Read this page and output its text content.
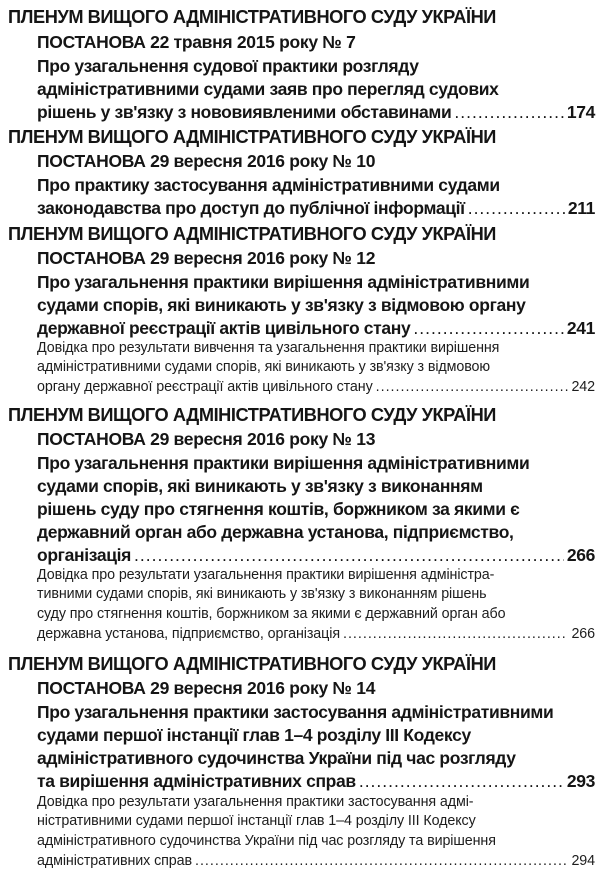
ПЛЕНУМ ВИЩОГО АДМІНІСТРАТИВНОГО СУДУ УКРАЇНИ

ПОСТАНОВА 22 травня 2015 року № 7

Про узагальнення судової практики розгляду

адміністративними судами заяв про перегляд судових

рішень у зв'язку з нововиявленими обставинами .....	174

ПЛЕНУМ ВИЩОГО АДМІНІСТРАТИВНОГО СУДУ УКРАЇНИ

ПОСТАНОВА 29 вересня 2016 року № 10

Про практику застосування адміністративними судами

законодавства про доступ до публічної інформації .....	211

ПЛЕНУМ ВИЩОГО АДМІНІСТРАТИВНОГО СУДУ УКРАЇНИ

ПОСТАНОВА 29 вересня 2016 року № 12

Про узагальнення практики вирішення адміністративними

судами спорів, які виникають у зв'язку з відмовою органу

державної реєстрації актів цивільного стану .....	241

Довідка про результати вивчення та узагальнення практики вирішення

адміністративними судами спорів, які виникають у зв'язку з відмовою

органу державної реєстрації актів цивільного стану .....	242

ПЛЕНУМ ВИЩОГО АДМІНІСТРАТИВНОГО СУДУ УКРАЇНИ

ПОСТАНОВА 29 вересня 2016 року № 13

Про узагальнення практики вирішення адміністративними

судами спорів, які виникають у зв'язку з виконанням

рішень суду про стягнення коштів, боржником за якими є

державний орган або державна установа, підприємство,

організація .....	266

Довідка про результати узагальнення практики вирішення адміністра-

тивними судами спорів, які виникають у зв'язку з виконанням рішень

суду про стягнення коштів, боржником за якими є державний орган або

державна установа, підприємство, організація .....	266

ПЛЕНУМ ВИЩОГО АДМІНІСТРАТИВНОГО СУДУ УКРАЇНИ

ПОСТАНОВА 29 вересня 2016 року № 14

Про узагальнення практики застосування адміністративними

судами першої інстанції глав 1–4 розділу III Кодексу

адміністративного судочинства України під час розгляду

та вирішення адміністративних справ .....	293

Довідка про результати узагальнення практики застосування адмі-

ністративними судами першої інстанції глав 1–4 розділу III Кодексу

адміністративного судочинства України під час розгляду та вирішення

адміністративних справ .....	294
